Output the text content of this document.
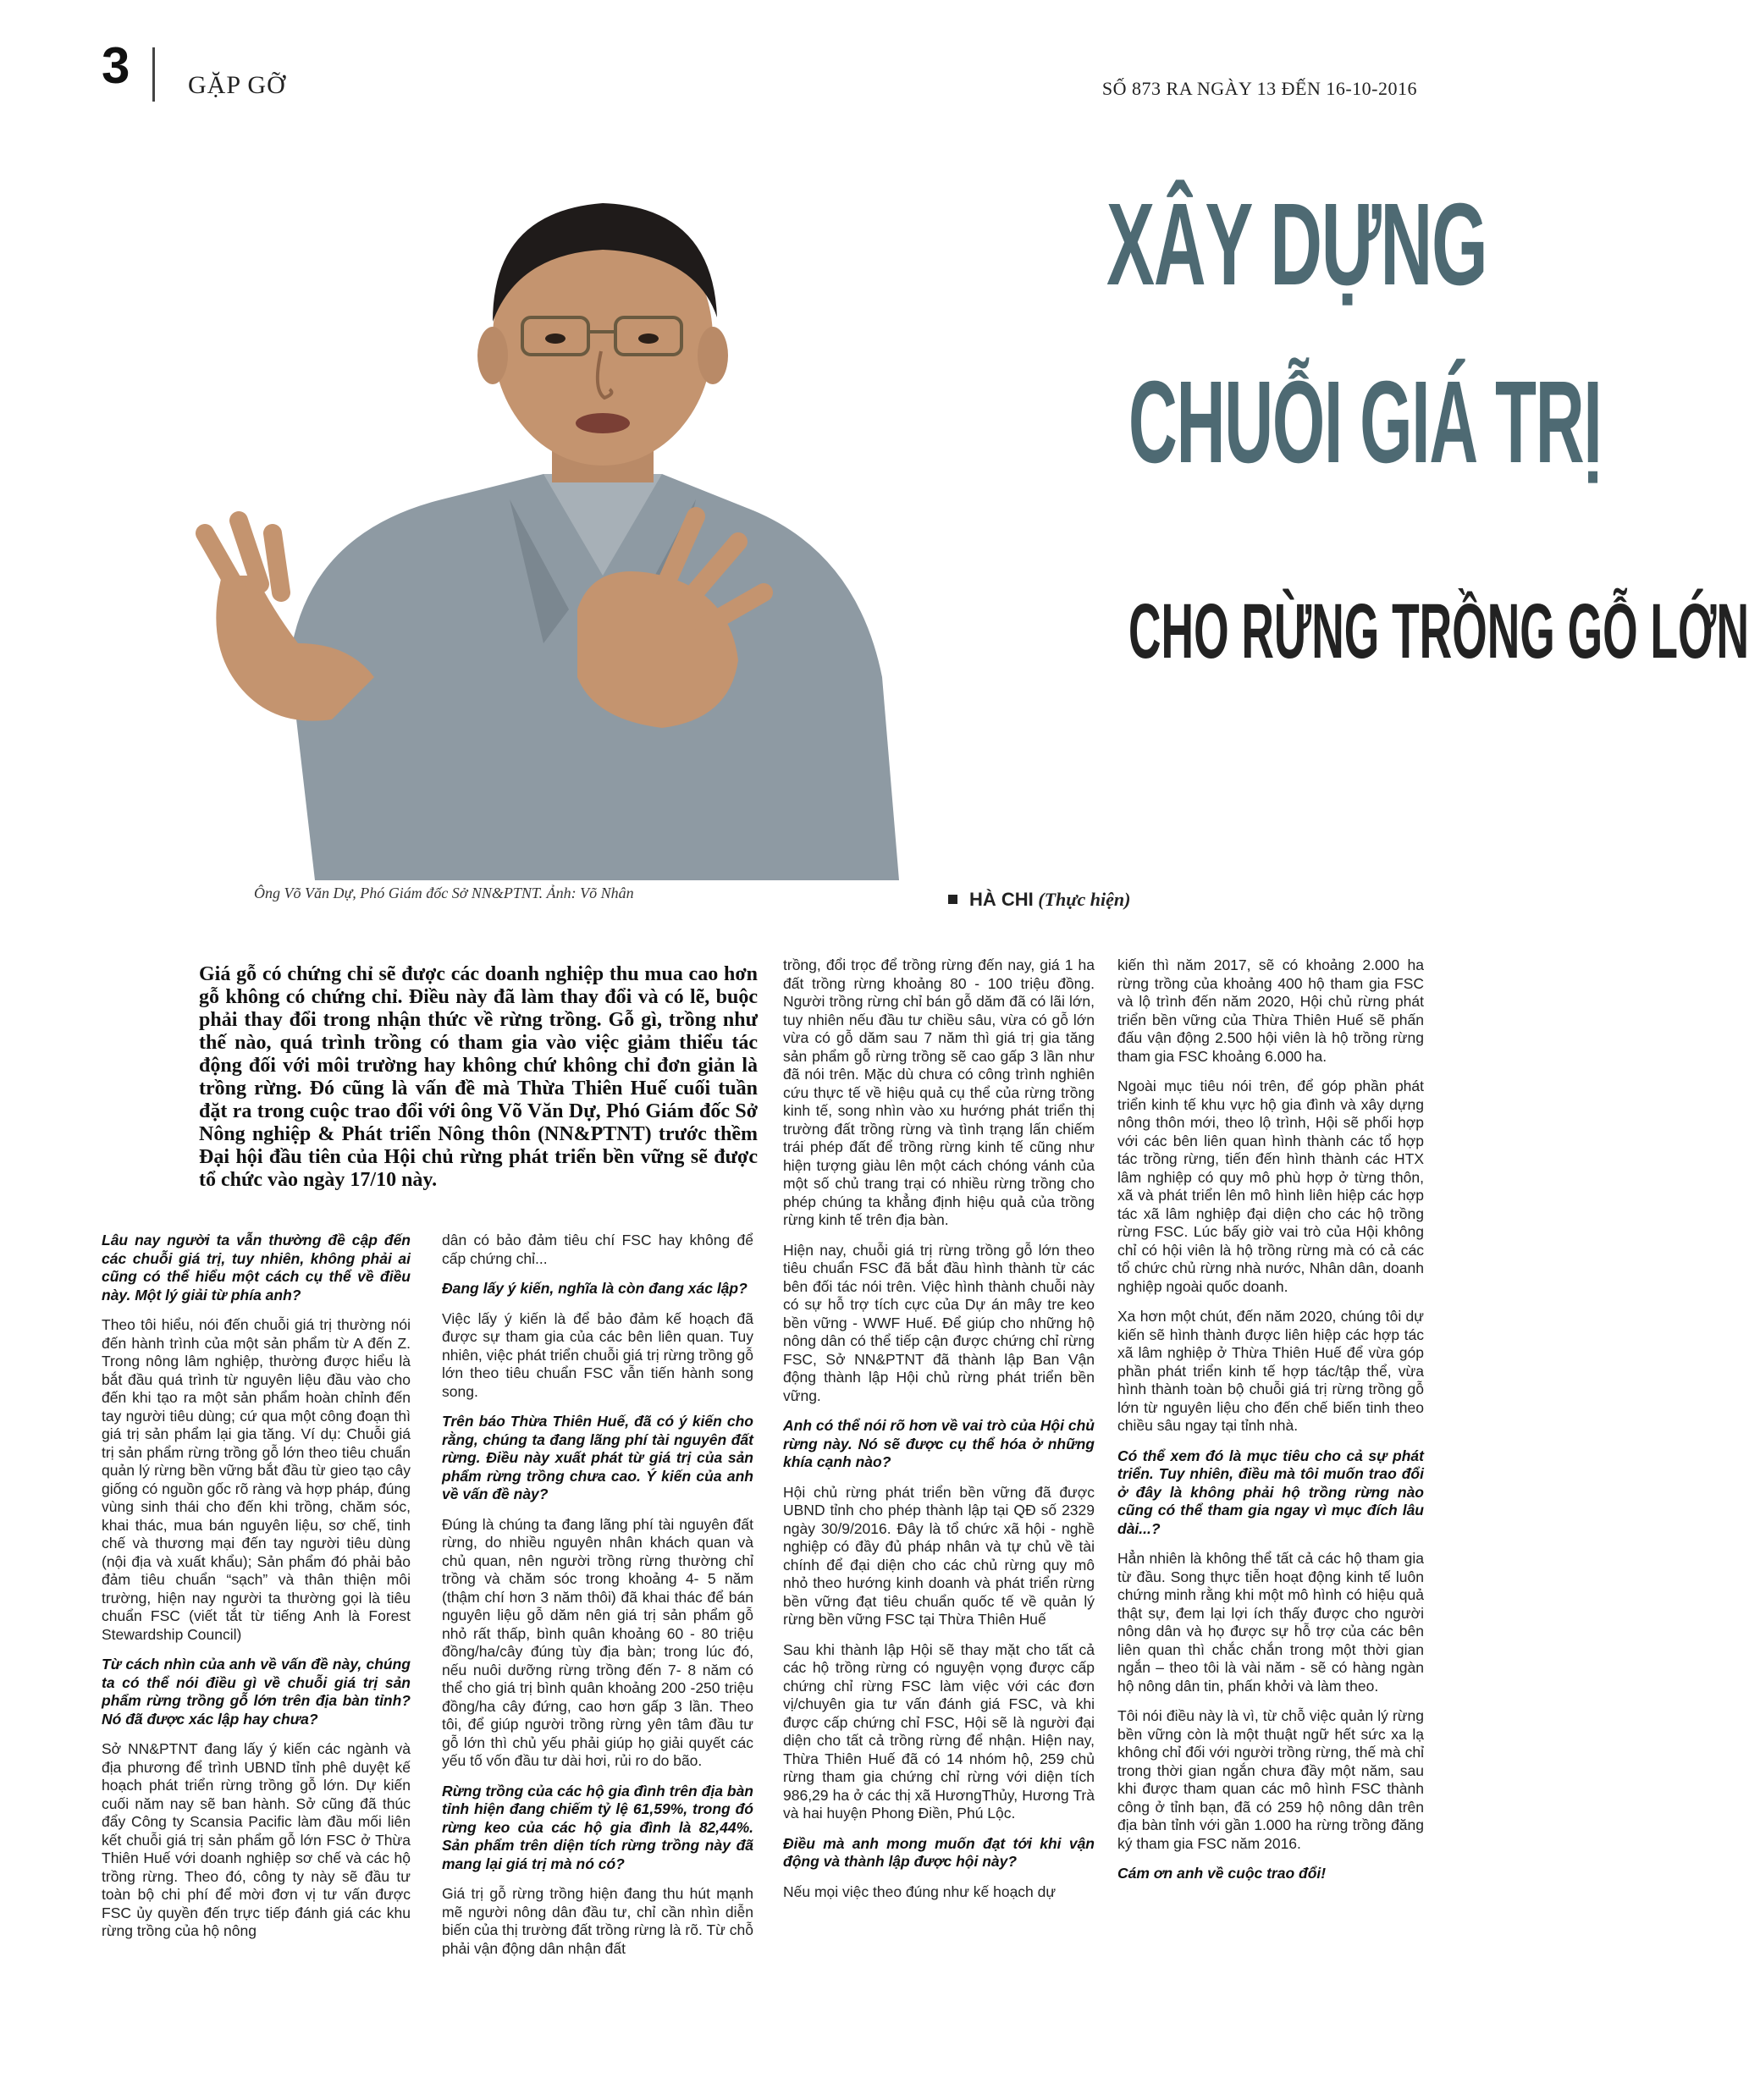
3 GẶP GỠ	SỐ 873 RA NGÀY 13 ĐẾN 16-10-2016
Ông Võ Văn Dự, Phó Giám đốc Sở NN&PTNT. Ảnh: Võ Nhân
XÂY DỰNG
CHUỖI GIÁ TRỊ
CHO RỪNG TRỒNG GỖ LỚN
HÀ CHI (Thực hiện)

Giá gỗ có chứng chỉ sẽ được các doanh nghiệp thu mua cao hơn gỗ không có chứng chỉ. Điều này đã làm thay đổi và có lẽ, buộc phải thay đổi trong nhận thức về rừng trồng. Gỗ gì, trồng như thế nào, quá trình trồng có tham gia vào việc giảm thiểu tác động đối với môi trường hay không chứ không chỉ đơn giản là trồng rừng. Đó cũng là vấn đề mà Thừa Thiên Huế cuối tuần đặt ra trong cuộc trao đổi với ông Võ Văn Dự, Phó Giám đốc Sở Nông nghiệp & Phát triển Nông thôn (NN&PTNT) trước thềm Đại hội đầu tiên của Hội chủ rừng phát triển bền vững sẽ được tổ chức vào ngày 17/10 này.

Lâu nay người ta vẫn thường đề cập đến các chuỗi giá trị, tuy nhiên, không phải ai cũng có thể hiểu một cách cụ thể về điều này. Một lý giải từ phía anh?

Theo tôi hiểu, nói đến chuỗi giá trị thường nói đến hành trình của một sản phẩm từ A đến Z. Trong nông lâm nghiệp, thường được hiểu là bắt đầu quá trình từ nguyên liệu đầu vào cho đến khi tạo ra một sản phẩm hoàn chỉnh đến tay người tiêu dùng; cứ qua một công đoạn thì giá trị sản phẩm lại gia tăng. Ví dụ: Chuỗi giá trị sản phẩm rừng trồng gỗ lớn theo tiêu chuẩn quản lý rừng bền vững bắt đầu từ gieo tạo cây giống có nguồn gốc rõ ràng và hợp pháp, đúng vùng sinh thái cho đến khi trồng, chăm sóc, khai thác, mua bán nguyên liệu, sơ chế, tinh chế và thương mại đến tay người tiêu dùng (nội địa và xuất khẩu); Sản phẩm đó phải bảo đảm tiêu chuẩn “sạch” và thân thiện môi trường, hiện nay người ta thường gọi là tiêu chuẩn FSC (viết tắt từ tiếng Anh là Forest Stewardship Council)

Từ cách nhìn của anh về vấn đề này, chúng ta có thể nói điều gì về chuỗi giá trị sản phẩm rừng trồng gỗ lớn trên địa bàn tỉnh? Nó đã được xác lập hay chưa?

Sở NN&PTNT đang lấy ý kiến các ngành và địa phương để trình UBND tỉnh phê duyệt kế hoạch phát triển rừng trồng gỗ lớn. Dự kiến cuối năm nay sẽ ban hành. Sở cũng đã thúc đẩy Công ty Scansia Pacific làm đầu mối liên kết chuỗi giá trị sản phẩm gỗ lớn FSC ở Thừa Thiên Huế với doanh nghiệp sơ chế và các hộ trồng rừng. Theo đó, công ty này sẽ đầu tư toàn bộ chi phí để mời đơn vị tư vấn được FSC ủy quyền đến trực tiếp đánh giá các khu rừng trồng của hộ nông

dân có bảo đảm tiêu chí FSC hay không để cấp chứng chỉ...

Đang lấy ý kiến, nghĩa là còn đang xác lập?

Việc lấy ý kiến là để bảo đảm kế hoạch đã được sự tham gia của các bên liên quan. Tuy nhiên, việc phát triển chuỗi giá trị rừng trồng gỗ lớn theo tiêu chuẩn FSC vẫn tiến hành song song.

Trên báo Thừa Thiên Huế, đã có ý kiến cho rằng, chúng ta đang lãng phí tài nguyên đất rừng. Điều này xuất phát từ giá trị của sản phẩm rừng trồng chưa cao. Ý kiến của anh về vấn đề này?

Đúng là chúng ta đang lãng phí tài nguyên đất rừng, do nhiều nguyên nhân khách quan và chủ quan, nên người trồng rừng thường chỉ trồng và chăm sóc trong khoảng 4- 5 năm (thậm chí hơn 3 năm thôi) đã khai thác để bán nguyên liệu gỗ dăm nên giá trị sản phẩm gỗ nhỏ rất thấp, bình quân khoảng 60 - 80 triệu đồng/ha/cây đúng tùy địa bàn; trong lúc đó, nếu nuôi dưỡng rừng trồng đến 7- 8 năm có thể cho giá trị bình quân khoảng 200 -250 triệu đồng/ha cây đứng, cao hơn gấp 3 lần. Theo tôi, để giúp người trồng rừng yên tâm đầu tư gỗ lớn thì chủ yếu phải giúp họ giải quyết các yếu tố vốn đầu tư dài hơi, rủi ro do bão.

Rừng trồng của các hộ gia đình trên địa bàn tỉnh hiện đang chiếm tỷ lệ 61,59%, trong đó rừng keo của các hộ gia đình là 82,44%. Sản phẩm trên diện tích rừng trồng này đã mang lại giá trị mà nó có?

Giá trị gỗ rừng trồng hiện đang thu hút mạnh mẽ người nông dân đầu tư, chỉ cần nhìn diễn biến của thị trường đất trồng rừng là rõ. Từ chỗ phải vận động dân nhận đất

trồng, đổi trọc để trồng rừng đến nay, giá 1 ha đất trồng rừng khoảng 80 - 100 triệu đồng. Người trồng rừng chỉ bán gỗ dăm đã có lãi lớn, tuy nhiên nếu đầu tư chiều sâu, vừa có gỗ lớn vừa có gỗ dăm sau 7 năm thì giá trị gia tăng sản phẩm gỗ rừng trồng sẽ cao gấp 3 lần như đã nói trên. Mặc dù chưa có công trình nghiên cứu thực tế về hiệu quả cụ thể của rừng trồng kinh tế, song nhìn vào xu hướng phát triển thị trường đất trồng rừng và tình trạng lấn chiếm trái phép đất để trồng rừng kinh tế cũng như hiện tượng giàu lên một cách chóng vánh của một số chủ trang trại có nhiều rừng trồng cho phép chúng ta khẳng định hiệu quả của trồng rừng kinh tế trên địa bàn.

Hiện nay, chuỗi giá trị rừng trồng gỗ lớn theo tiêu chuẩn FSC đã bắt đầu hình thành từ các bên đối tác nói trên. Việc hình thành chuỗi này có sự hỗ trợ tích cực của Dự án mây tre keo bền vững - WWF Huế. Để giúp cho những hộ nông dân có thể tiếp cận được chứng chỉ rừng FSC, Sở NN&PTNT đã thành lập Ban Vận động thành lập Hội chủ rừng phát triển bền vững.

Anh có thể nói rõ hơn về vai trò của Hội chủ rừng này. Nó sẽ được cụ thể hóa ở những khía cạnh nào?

Hội chủ rừng phát triển bền vững đã được UBND tỉnh cho phép thành lập tại QĐ số 2329 ngày 30/9/2016. Đây là tổ chức xã hội - nghề nghiệp có đầy đủ pháp nhân và tự chủ về tài chính để đại diện cho các chủ rừng quy mô nhỏ theo hướng kinh doanh và phát triển rừng bền vững đạt tiêu chuẩn quốc tế về quản lý rừng bền vững FSC tại Thừa Thiên Huế

Sau khi thành lập Hội sẽ thay mặt cho tất cả các hộ trồng rừng có nguyện vọng được cấp chứng chỉ rừng FSC làm việc với các đơn vị/chuyên gia tư vấn đánh giá FSC, và khi được cấp chứng chỉ FSC, Hội sẽ là người đại diện cho tất cả trồng rừng để nhận. Hiện nay, Thừa Thiên Huế đã có 14 nhóm hộ, 259 chủ rừng tham gia chứng chỉ rừng với diện tích 986,29 ha ở các thị xã HươngThủy, Hương Trà và hai huyện Phong Điền, Phú Lộc.

Điều mà anh mong muốn đạt tới khi vận động và thành lập được hội này?

Nếu mọi việc theo đúng như kế hoạch dự

kiến thì năm 2017, sẽ có khoảng 2.000 ha rừng trồng của khoảng 400 hộ tham gia FSC và lộ trình đến năm 2020, Hội chủ rừng phát triển bền vững của Thừa Thiên Huế sẽ phấn đấu vận động 2.500 hội viên là hộ trồng rừng tham gia FSC khoảng 6.000 ha.

Ngoài mục tiêu nói trên, để góp phần phát triển kinh tế khu vực hộ gia đình và xây dựng nông thôn mới, theo lộ trình, Hội sẽ phối hợp với các bên liên quan hình thành các tổ hợp tác trồng rừng, tiến đến hình thành các HTX lâm nghiệp có quy mô phù hợp ở từng thôn, xã và phát triển lên mô hình liên hiệp các hợp tác xã lâm nghiệp đại diện cho các hộ trồng rừng FSC. Lúc bấy giờ vai trò của Hội không chỉ có hội viên là hộ trồng rừng mà có cả các tổ chức chủ rừng nhà nước, Nhân dân, doanh nghiệp ngoài quốc doanh.

Xa hơn một chút, đến năm 2020, chúng tôi dự kiến sẽ hình thành được liên hiệp các hợp tác xã lâm nghiệp ở Thừa Thiên Huế để vừa góp phần phát triển kinh tế hợp tác/tập thể, vừa hình thành toàn bộ chuỗi giá trị rừng trồng gỗ lớn từ nguyên liệu cho đến chế biến tinh theo chiều sâu ngay tại tỉnh nhà.

Có thể xem đó là mục tiêu cho cả sự phát triển. Tuy nhiên, điều mà tôi muốn trao đổi ở đây là không phải hộ trồng rừng nào cũng có thể tham gia ngay vì mục đích lâu dài...?

Hẳn nhiên là không thể tất cả các hộ tham gia từ đầu. Song thực tiễn hoạt động kinh tế luôn chứng minh rằng khi một mô hình có hiệu quả thật sự, đem lại lợi ích thấy được cho người nông dân và họ được sự hỗ trợ của các bên liên quan thì chắc chắn trong một thời gian ngắn – theo tôi là vài năm - sẽ có hàng ngàn hộ nông dân tin, phấn khởi và làm theo.

Tôi nói điều này là vì, từ chỗ việc quản lý rừng bền vững còn là một thuật ngữ hết sức xa lạ không chỉ đối với người trồng rừng, thế mà chỉ trong thời gian ngắn chưa đầy một năm, sau khi được tham quan các mô hình FSC thành công ở tỉnh bạn, đã có 259 hộ nông dân trên địa bàn tỉnh với gần 1.000 ha rừng trồng đăng ký tham gia FSC năm 2016.

Cám ơn anh về cuộc trao đổi!
